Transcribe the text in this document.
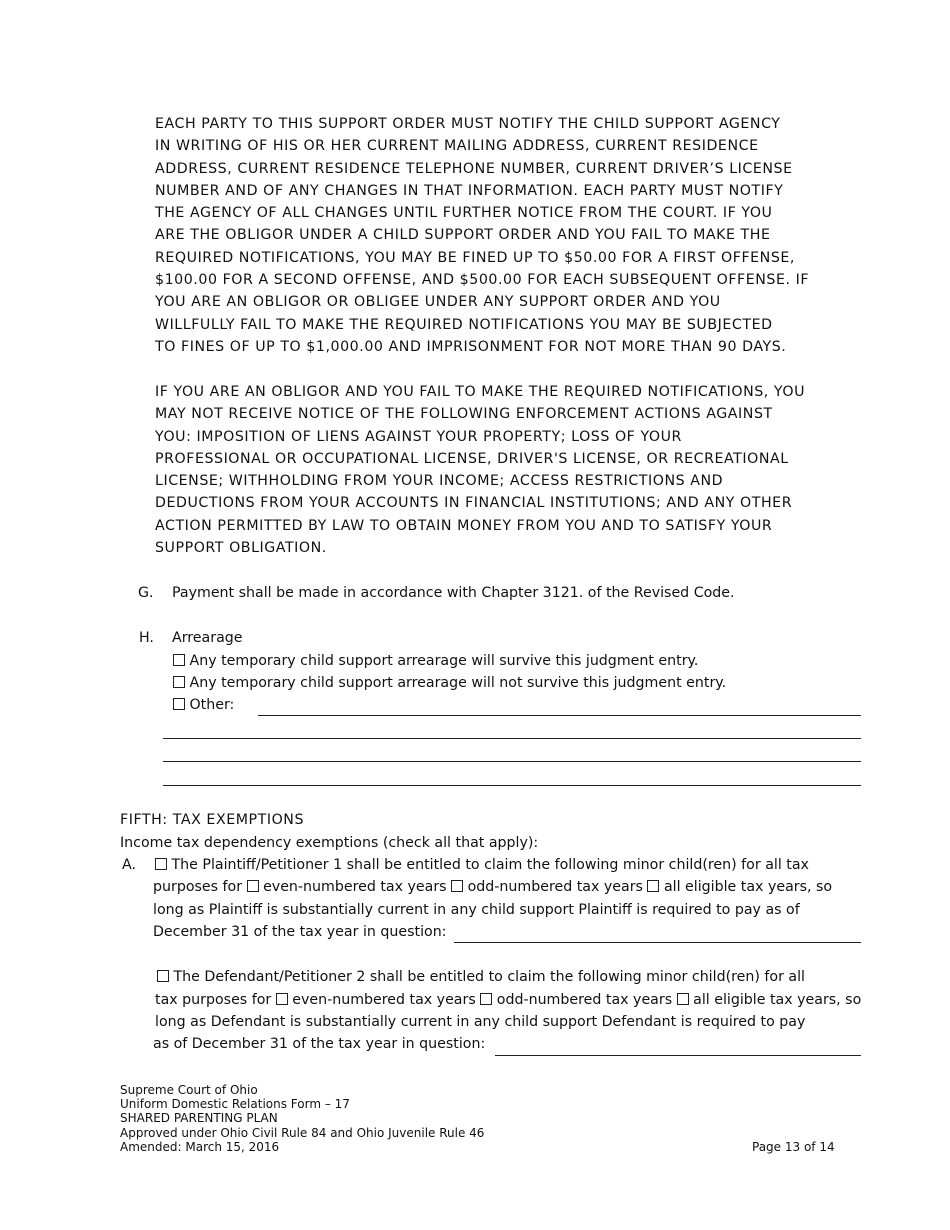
EACH PARTY TO THIS SUPPORT ORDER MUST NOTIFY THE CHILD SUPPORT AGENCY
IN WRITING OF HIS OR HER CURRENT MAILING ADDRESS, CURRENT RESIDENCE
ADDRESS, CURRENT RESIDENCE TELEPHONE NUMBER, CURRENT DRIVER’S LICENSE
NUMBER AND OF ANY CHANGES IN THAT INFORMATION. EACH PARTY MUST NOTIFY
THE AGENCY OF ALL CHANGES UNTIL FURTHER NOTICE FROM THE COURT. IF YOU
ARE THE OBLIGOR UNDER A CHILD SUPPORT ORDER AND YOU FAIL TO MAKE THE
REQUIRED NOTIFICATIONS, YOU MAY BE FINED UP TO $50.00 FOR A FIRST OFFENSE,
$100.00 FOR A SECOND OFFENSE, AND $500.00 FOR EACH SUBSEQUENT OFFENSE. IF
YOU ARE AN OBLIGOR OR OBLIGEE UNDER ANY SUPPORT ORDER AND YOU
WILLFULLY FAIL TO MAKE THE REQUIRED NOTIFICATIONS YOU MAY BE SUBJECTED
TO FINES OF UP TO $1,000.00 AND IMPRISONMENT FOR NOT MORE THAN 90 DAYS.
IF YOU ARE AN OBLIGOR AND YOU FAIL TO MAKE THE REQUIRED NOTIFICATIONS, YOU
MAY NOT RECEIVE NOTICE OF THE FOLLOWING ENFORCEMENT ACTIONS AGAINST
YOU: IMPOSITION OF LIENS AGAINST YOUR PROPERTY; LOSS OF YOUR
PROFESSIONAL OR OCCUPATIONAL LICENSE, DRIVER'S LICENSE, OR RECREATIONAL
LICENSE; WITHHOLDING FROM YOUR INCOME; ACCESS RESTRICTIONS AND
DEDUCTIONS FROM YOUR ACCOUNTS IN FINANCIAL INSTITUTIONS; AND ANY OTHER
ACTION PERMITTED BY LAW TO OBTAIN MONEY FROM YOU AND TO SATISFY YOUR
SUPPORT OBLIGATION.
G. Payment shall be made in accordance with Chapter 3121. of the Revised Code.
H. Arrearage
Any temporary child support arrearage will survive this judgment entry.
Any temporary child support arrearage will not survive this judgment entry.
Other:
FIFTH: TAX EXEMPTIONS
Income tax dependency exemptions (check all that apply):
A.	The Plaintiff/Petitioner 1 shall be entitled to claim the following minor child(ren) for all tax
purposes for even-numbered tax years odd-numbered tax years all eligible tax years, so
long as Plaintiff is substantially current in any child support Plaintiff is required to pay as of
December 31 of the tax year in question:
The Defendant/Petitioner 2 shall be entitled to claim the following minor child(ren) for all
tax purposes for even-numbered tax years odd-numbered tax years all eligible tax years, so
long as Defendant is substantially current in any child support Defendant is required to pay
as of December 31 of the tax year in question:
Supreme Court of Ohio
Uniform Domestic Relations Form – 17
SHARED PARENTING PLAN
Approved under Ohio Civil Rule 84 and Ohio Juvenile Rule 46
Amended: March 15, 2016	Page 13 of 14
